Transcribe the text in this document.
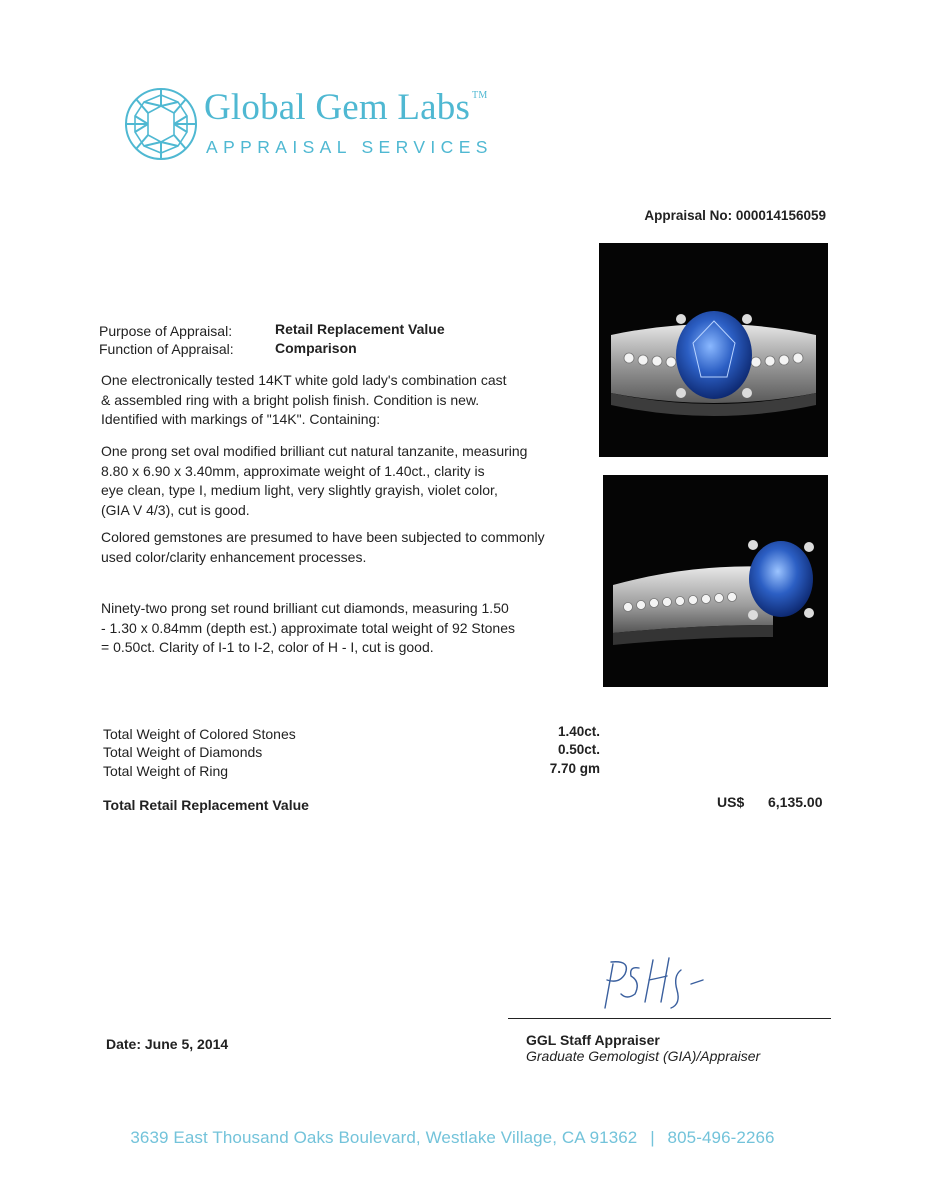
Global Gem Labs ™
APPRAISAL SERVICES
Appraisal No: 000014156059
Purpose of Appraisal:	Retail Replacement Value
Function of Appraisal:	Comparison
One electronically tested 14KT white gold lady's combination cast
& assembled ring with a bright polish finish. Condition is new.
Identified with markings of "14K". Containing:
One prong set oval modified brilliant cut natural tanzanite, measuring
8.80 x 6.90 x 3.40mm, approximate weight of 1.40ct., clarity is
eye clean, type I, medium light, very slightly grayish, violet color,
(GIA V 4/3), cut is good.
Colored gemstones are presumed to have been subjected to commonly
used color/clarity enhancement processes.
Ninety-two prong set round brilliant cut diamonds, measuring 1.50
- 1.30 x 0.84mm (depth est.) approximate total weight of 92 Stones
= 0.50ct. Clarity of I-1 to I-2, color of H - I, cut is good.
Total Weight of Colored Stones	1.40ct.
Total Weight of Diamonds	0.50ct.
Total Weight of Ring	7.70 gm
Total Retail Replacement Value	US$ 6,135.00
GGL Staff Appraiser
Graduate Gemologist (GIA)/Appraiser
Date: June 5, 2014
3639 East Thousand Oaks Boulevard, Westlake Village, CA 91362 | 805-496-2266
